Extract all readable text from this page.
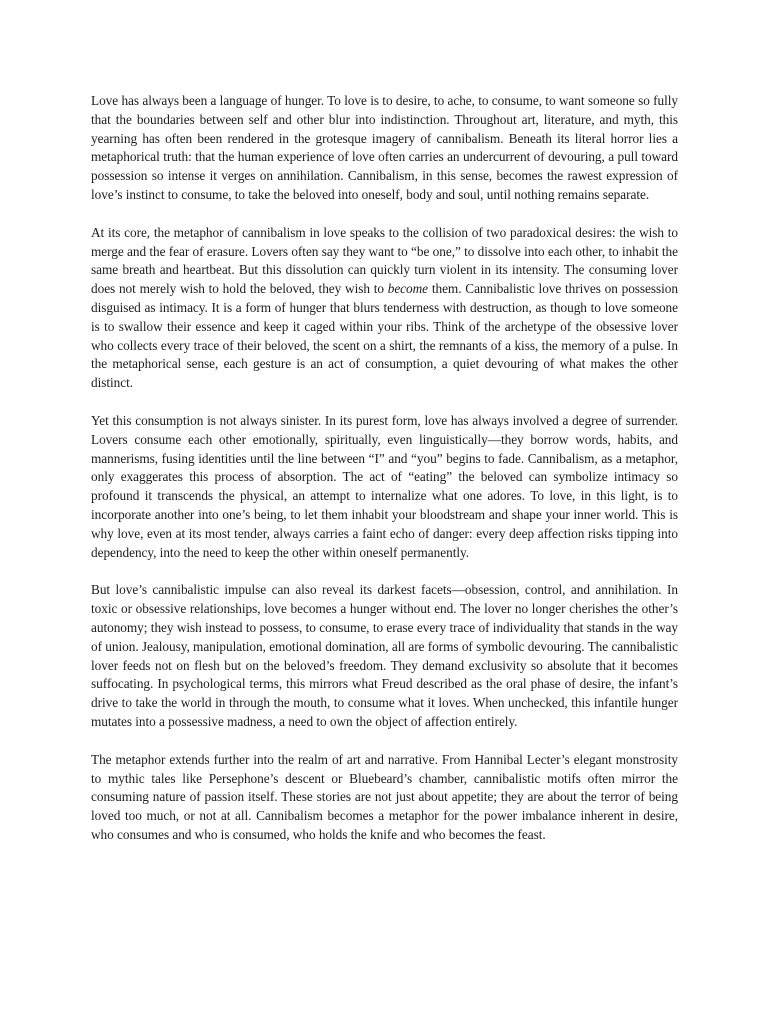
Love has always been a language of hunger. To love is to desire, to ache, to consume, to want someone so fully that the boundaries between self and other blur into indistinction. Throughout art, literature, and myth, this yearning has often been rendered in the grotesque imagery of cannibalism. Beneath its literal horror lies a metaphorical truth: that the human experience of love often carries an undercurrent of devouring, a pull toward possession so intense it verges on annihilation. Cannibalism, in this sense, becomes the rawest expression of love’s instinct to consume, to take the beloved into oneself, body and soul, until nothing remains separate.

At its core, the metaphor of cannibalism in love speaks to the collision of two paradoxical desires: the wish to merge and the fear of erasure. Lovers often say they want to “be one,” to dissolve into each other, to inhabit the same breath and heartbeat. But this dissolution can quickly turn violent in its intensity. The consuming lover does not merely wish to hold the beloved, they wish to become them. Cannibalistic love thrives on possession disguised as intimacy. It is a form of hunger that blurs tenderness with destruction, as though to love someone is to swallow their essence and keep it caged within your ribs. Think of the archetype of the obsessive lover who collects every trace of their beloved, the scent on a shirt, the remnants of a kiss, the memory of a pulse. In the metaphorical sense, each gesture is an act of consumption, a quiet devouring of what makes the other distinct.

Yet this consumption is not always sinister. In its purest form, love has always involved a degree of surrender. Lovers consume each other emotionally, spiritually, even linguistically—they borrow words, habits, and mannerisms, fusing identities until the line between “I” and “you” begins to fade. Cannibalism, as a metaphor, only exaggerates this process of absorption. The act of “eating” the beloved can symbolize intimacy so profound it transcends the physical, an attempt to internalize what one adores. To love, in this light, is to incorporate another into one’s being, to let them inhabit your bloodstream and shape your inner world. This is why love, even at its most tender, always carries a faint echo of danger: every deep affection risks tipping into dependency, into the need to keep the other within oneself permanently.

But love’s cannibalistic impulse can also reveal its darkest facets—obsession, control, and annihilation. In toxic or obsessive relationships, love becomes a hunger without end. The lover no longer cherishes the other’s autonomy; they wish instead to possess, to consume, to erase every trace of individuality that stands in the way of union. Jealousy, manipulation, emotional domination, all are forms of symbolic devouring. The cannibalistic lover feeds not on flesh but on the beloved’s freedom. They demand exclusivity so absolute that it becomes suffocating. In psychological terms, this mirrors what Freud described as the oral phase of desire, the infant’s drive to take the world in through the mouth, to consume what it loves. When unchecked, this infantile hunger mutates into a possessive madness, a need to own the object of affection entirely.

The metaphor extends further into the realm of art and narrative. From Hannibal Lecter’s elegant monstrosity to mythic tales like Persephone’s descent or Bluebeard’s chamber, cannibalistic motifs often mirror the consuming nature of passion itself. These stories are not just about appetite; they are about the terror of being loved too much, or not at all. Cannibalism becomes a metaphor for the power imbalance inherent in desire, who consumes and who is consumed, who holds the knife and who becomes the feast.
